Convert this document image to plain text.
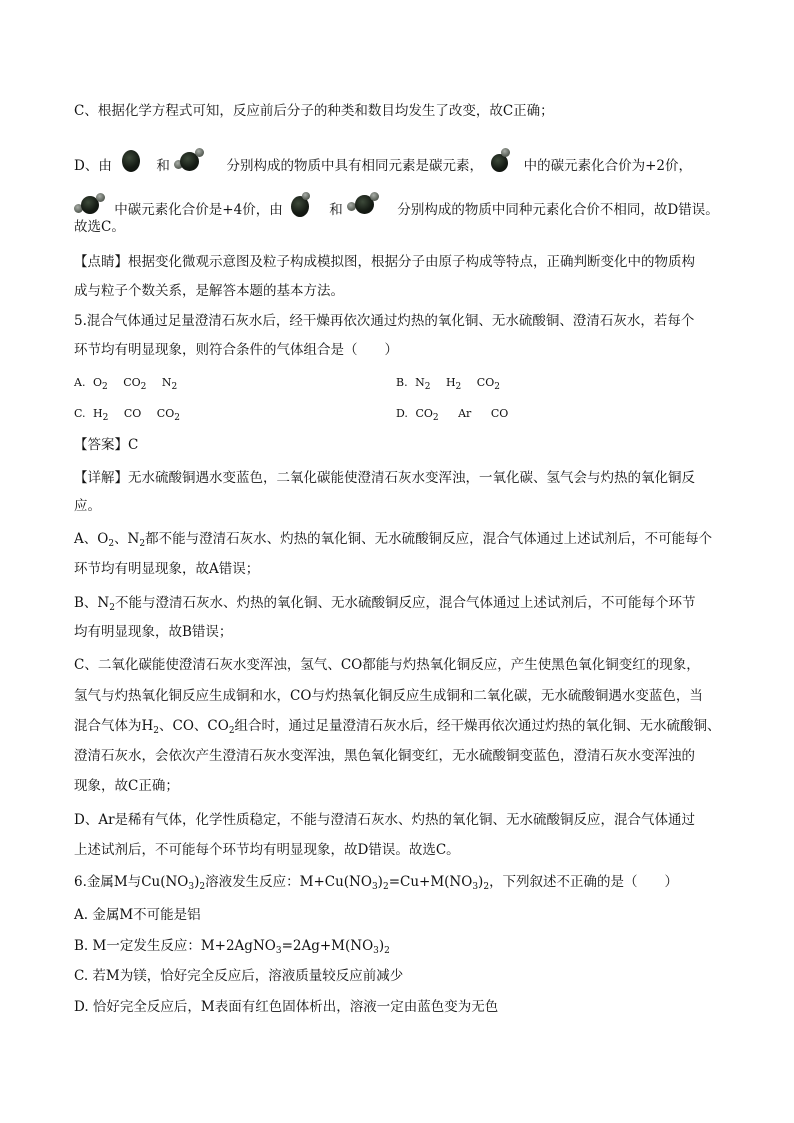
C、根据化学方程式可知，反应前后分子的种类和数目均发生了改变，故C正确；
D、由	和	分别构成的物质中具有相同元素是碳元素，	中的碳元素化合价为+2价，
中碳元素化合价是+4价，由	和	分别构成的物质中同种元素化合价不相同，故D错误。
故选C。
【点睛】根据变化微观示意图及粒子构成模拟图，根据分子由原子构成等特点，正确判断变化中的物质构
成与粒子个数关系，是解答本题的基本方法。
5.混合气体通过足量澄清石灰水后，经干燥再依次通过灼热的氧化铜、无水硫酸铜、澄清石灰水，若每个
环节均有明显现象，则符合条件的气体组合是（　　）
A. $O_2$ $CO_2$ $N_2$	B. $N_2$ $H_2$ $CO_2$
C. $H_2$ CO $CO_2$	D. $CO_2$ Ar CO
【答案】C
【详解】无水硫酸铜遇水变蓝色，二氧化碳能使澄清石灰水变浑浊，一氧化碳、氢气会与灼热的氧化铜反
应。
A、$O_2$、$N_2$都不能与澄清石灰水、灼热的氧化铜、无水硫酸铜反应，混合气体通过上述试剂后，不可能每个
环节均有明显现象，故A错误；
B、$N_2$不能与澄清石灰水、灼热的氧化铜、无水硫酸铜反应，混合气体通过上述试剂后，不可能每个环节
均有明显现象，故B错误；
C、二氧化碳能使澄清石灰水变浑浊，氢气、CO都能与灼热氧化铜反应，产生使黑色氧化铜变红的现象，
氢气与灼热氧化铜反应生成铜和水，CO与灼热氧化铜反应生成铜和二氧化碳，无水硫酸铜遇水变蓝色，当
混合气体为$H_2$、CO、$CO_2$组合时，通过足量澄清石灰水后，经干燥再依次通过灼热的氧化铜、无水硫酸铜、
澄清石灰水，会依次产生澄清石灰水变浑浊，黑色氧化铜变红，无水硫酸铜变蓝色，澄清石灰水变浑浊的
现象，故C正确；
D、Ar是稀有气体，化学性质稳定，不能与澄清石灰水、灼热的氧化铜、无水硫酸铜反应，混合气体通过
上述试剂后，不可能每个环节均有明显现象，故D错误。故选C。
6.金属M与$Cu(NO_3)_2$溶液发生反应：$M+Cu(NO_3)_2=Cu+M(NO_3)_2$，下列叙述不正确的是（　　）
A. 金属M不可能是铝
B. M一定发生反应：$M+2AgNO_3=2Ag+M(NO_3)_2$
C. 若M为镁，恰好完全反应后，溶液质量较反应前减少
D. 恰好完全反应后，M表面有红色固体析出，溶液一定由蓝色变为无色
